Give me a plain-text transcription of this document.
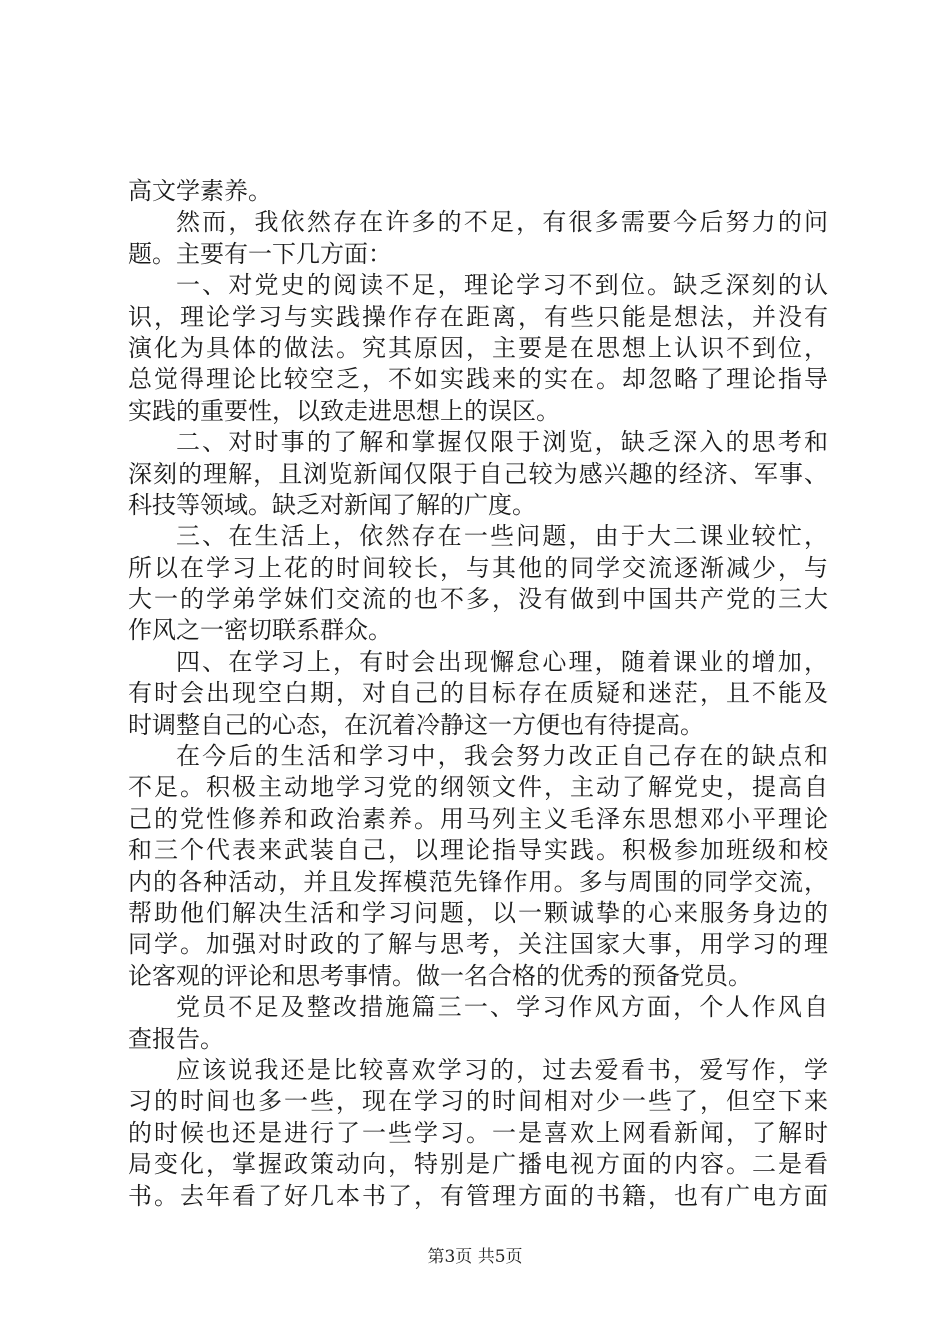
高文学素养。
然而，我依然存在许多的不足，有很多需要今后努力的问
题。主要有一下几方面：
一、对党史的阅读不足，理论学习不到位。缺乏深刻的认
识，理论学习与实践操作存在距离，有些只能是想法，并没有
演化为具体的做法。究其原因，主要是在思想上认识不到位，
总觉得理论比较空乏，不如实践来的实在。却忽略了理论指导
实践的重要性，以致走进思想上的误区。
二、对时事的了解和掌握仅限于浏览，缺乏深入的思考和
深刻的理解，且浏览新闻仅限于自己较为感兴趣的经济、军事、
科技等领域。缺乏对新闻了解的广度。
三、在生活上，依然存在一些问题，由于大二课业较忙，
所以在学习上花的时间较长，与其他的同学交流逐渐减少，与
大一的学弟学妹们交流的也不多，没有做到中国共产党的三大
作风之一密切联系群众。
四、在学习上，有时会出现懈怠心理，随着课业的增加，
有时会出现空白期，对自己的目标存在质疑和迷茫，且不能及
时调整自己的心态，在沉着冷静这一方便也有待提高。
在今后的生活和学习中，我会努力改正自己存在的缺点和
不足。积极主动地学习党的纲领文件，主动了解党史，提高自
己的党性修养和政治素养。用马列主义毛泽东思想邓小平理论
和三个代表来武装自己，以理论指导实践。积极参加班级和校
内的各种活动，并且发挥模范先锋作用。多与周围的同学交流，
帮助他们解决生活和学习问题，以一颗诚挚的心来服务身边的
同学。加强对时政的了解与思考，关注国家大事，用学习的理
论客观的评论和思考事情。做一名合格的优秀的预备党员。
党员不足及整改措施篇三一、学习作风方面，个人作风自
查报告。
应该说我还是比较喜欢学习的，过去爱看书，爱写作，学
习的时间也多一些，现在学习的时间相对少一些了，但空下来
的时候也还是进行了一些学习。一是喜欢上网看新闻，了解时
局变化，掌握政策动向，特别是广播电视方面的内容。二是看
书。去年看了好几本书了，有管理方面的书籍，也有广电方面
第3页 共5页
